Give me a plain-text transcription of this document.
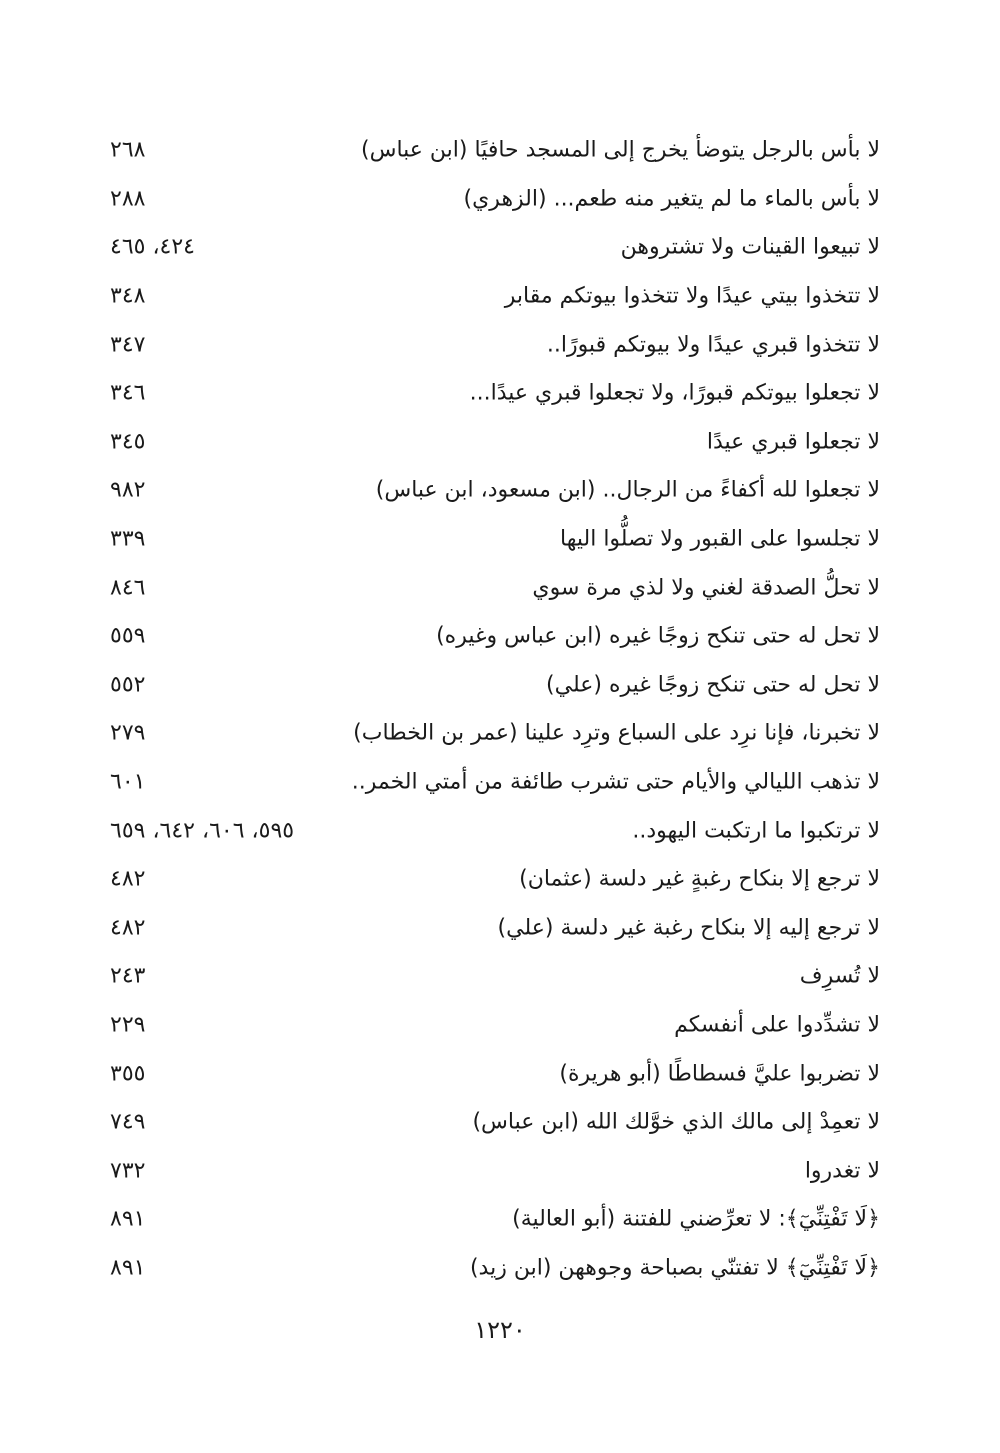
لا بأس بالرجل يتوضأ يخرج إلى المسجد حافيًا (ابن عباس)
٢٦٨
لا بأس بالماء ما لم يتغير منه طعم... (الزهري)
٢٨٨
لا تبيعوا القينات ولا تشتروهن
٤٢٤، ٤٦٥
لا تتخذوا بيتي عيدًا ولا تتخذوا بيوتكم مقابر
٣٤٨
لا تتخذوا قبري عيدًا ولا بيوتكم قبورًا..
٣٤٧
لا تجعلوا بيوتكم قبورًا، ولا تجعلوا قبري عيدًا...
٣٤٦
لا تجعلوا قبري عيدًا
٣٤٥
لا تجعلوا لله أكفاءً من الرجال.. (ابن مسعود، ابن عباس)
٩٨٢
لا تجلسوا على القبور ولا تصلُّوا اليها
٣٣٩
لا تحلُّ الصدقة لغني ولا لذي مرة سوي
٨٤٦
لا تحل له حتى تنكح زوجًا غيره (ابن عباس وغيره)
٥٥٩
لا تحل له حتى تنكح زوجًا غيره (علي)
٥٥٢
لا تخبرنا، فإنا نرِد على السباع وترِد علينا (عمر بن الخطاب)
٢٧٩
لا تذهب الليالي والأيام حتى تشرب طائفة من أمتي الخمر..
٦٠١
لا ترتكبوا ما ارتكبت اليهود..
٥٩٥، ٦٠٦، ٦٤٢، ٦٥٩
لا ترجع إلا بنكاح رغبةٍ غير دلسة (عثمان)
٤٨٢
لا ترجع إليه إلا بنكاح رغبة غير دلسة (علي)
٤٨٢
لا تُسرِف
٢٤٣
لا تشدِّدوا على أنفسكم
٢٢٩
لا تضربوا عليَّ فسطاطًا (أبو هريرة)
٣٥٥
لا تعمِدْ إلى مالك الذي خوَّلك الله (ابن عباس)
٧٤٩
لا تغدروا
٧٣٢
﴿لَا تَفْتِنِّيٓ﴾: لا تعرِّضني للفتنة (أبو العالية)
٨٩١
﴿لَا تَفْتِنِّيٓ﴾ لا تفتنّي بصباحة وجوههن (ابن زيد)
٨٩١
١٢٢٠
